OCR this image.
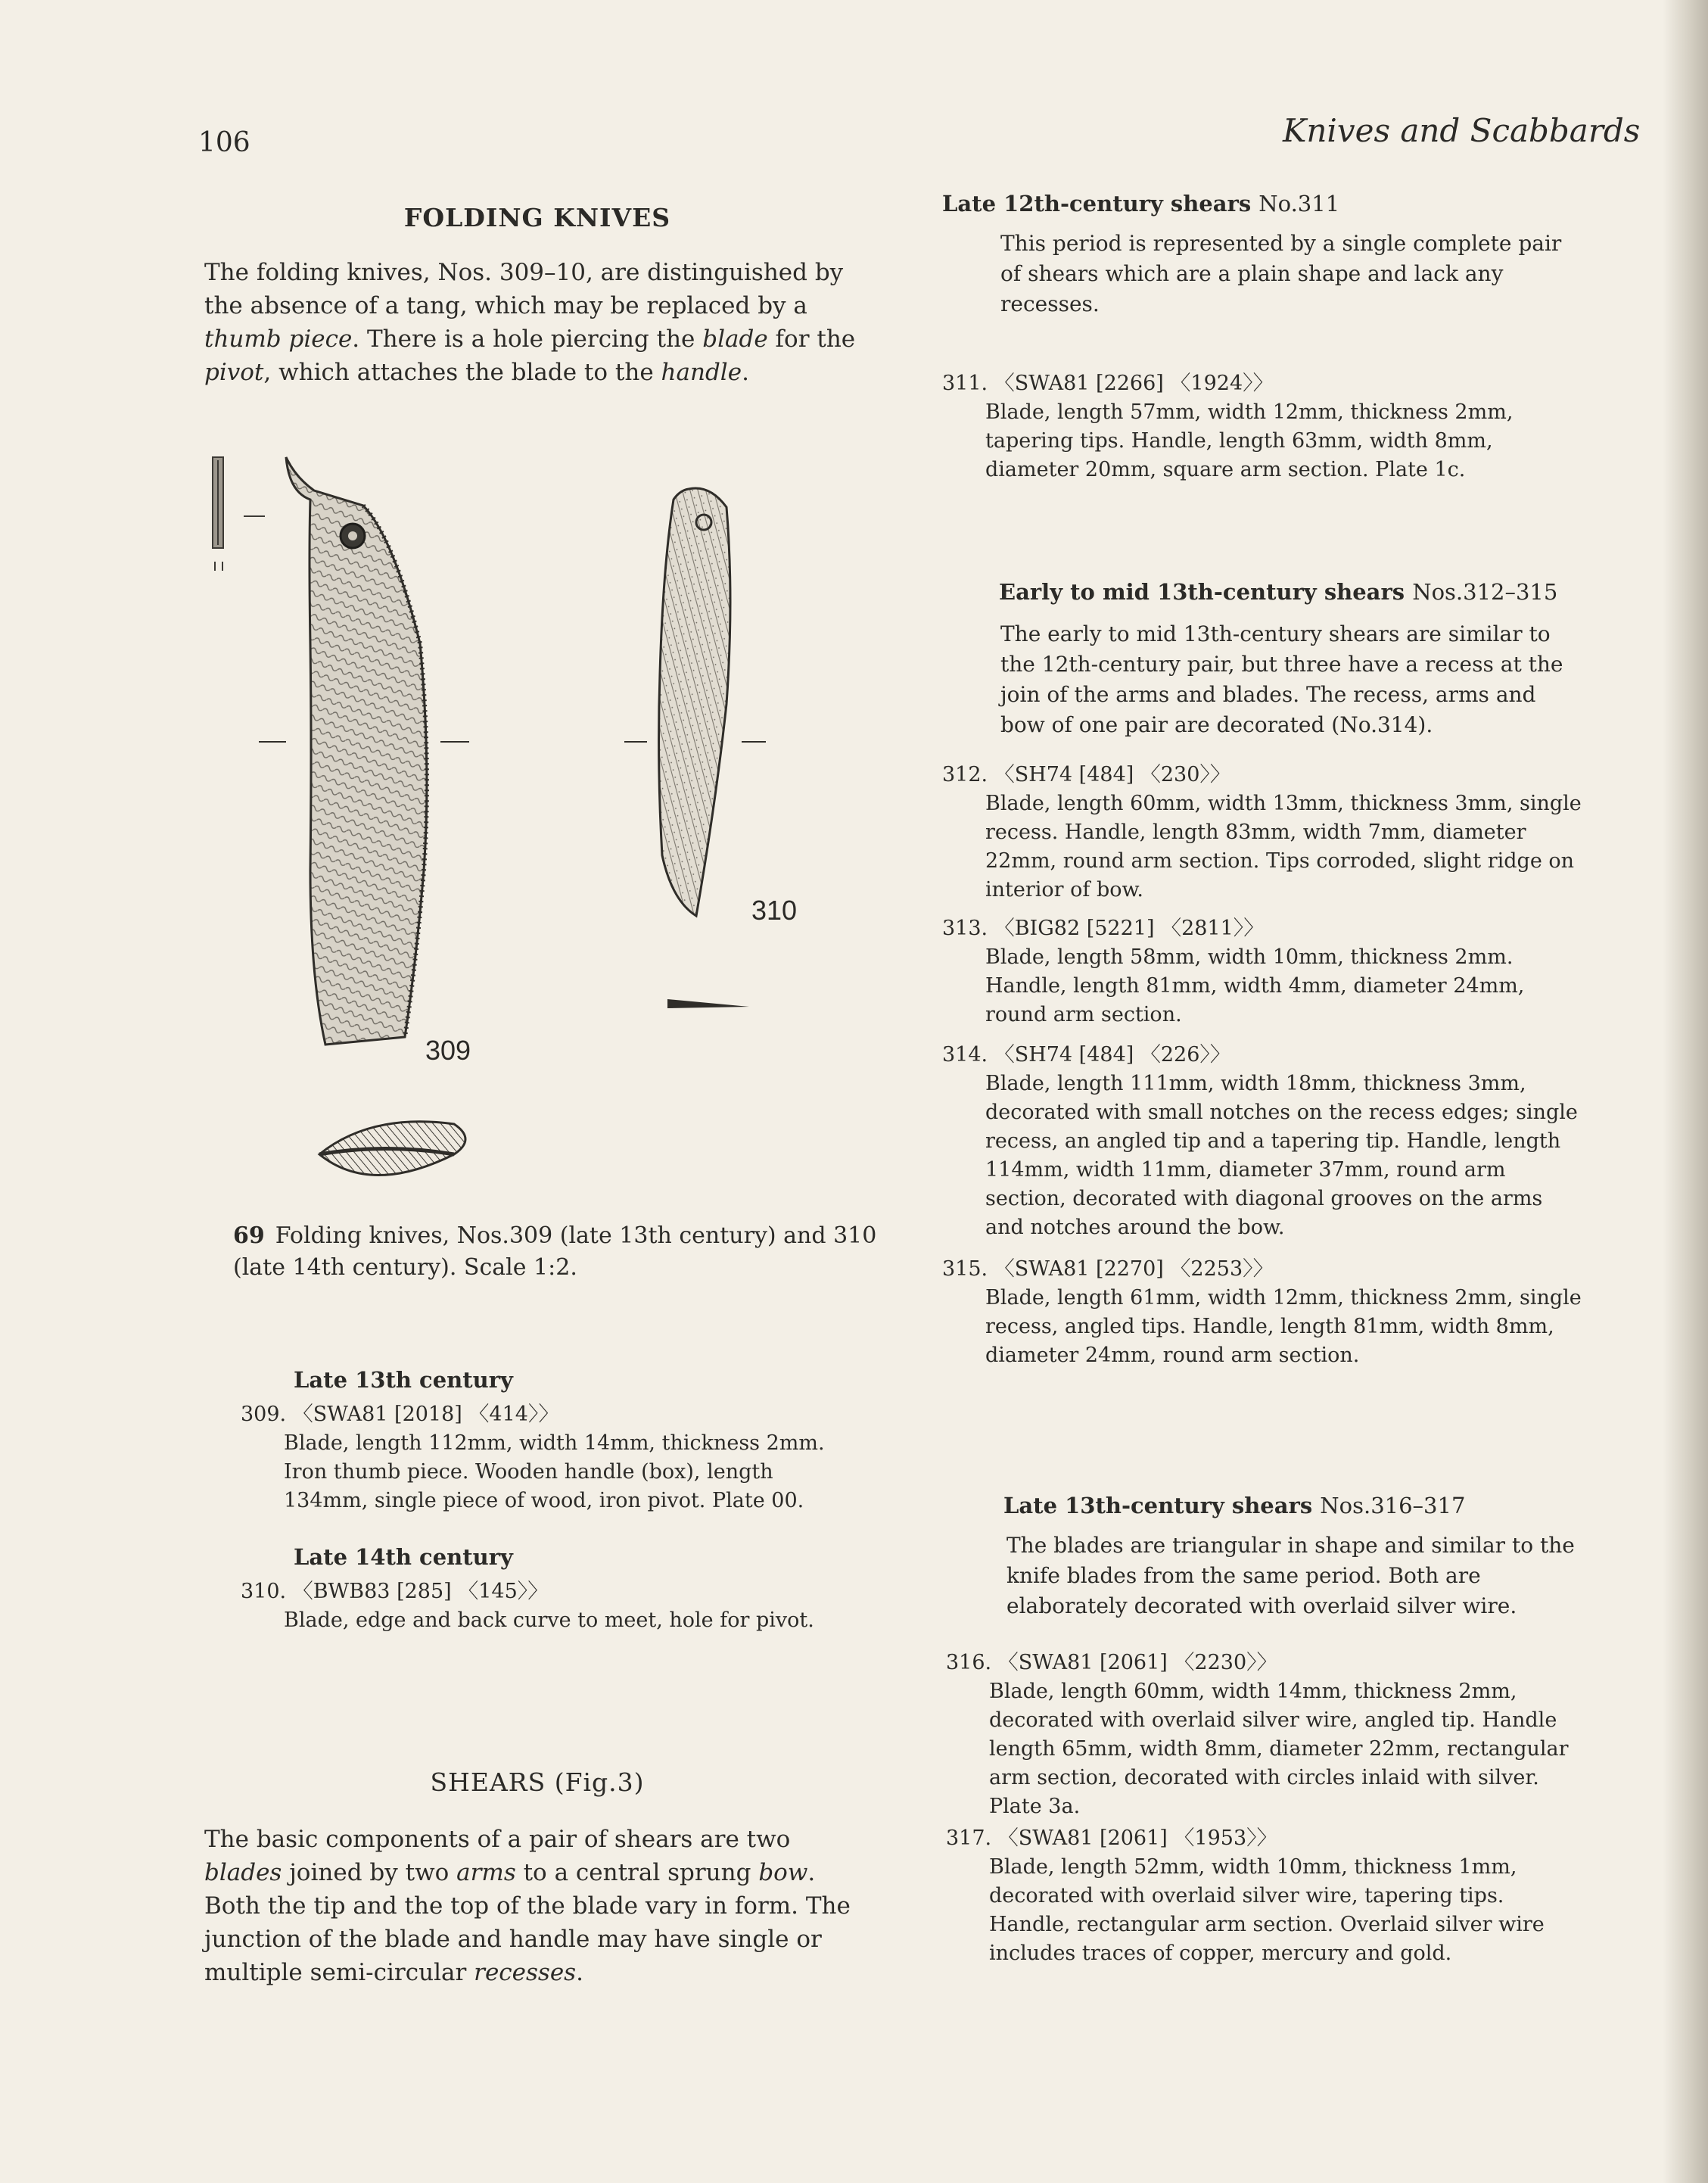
106	Knives and Scabbards
FOLDING KNIVES
The folding knives, Nos. 309–10, are distinguished by the absence of a tang, which may be replaced by a thumb piece. There is a hole piercing the blade for the pivot, which attaches the blade to the handle.
309
310
69 Folding knives, Nos.309 (late 13th century) and 310 (late 14th century). Scale 1:2.
Late 13th century
309. 〈SWA81 [2018] 〈414〉〉
Blade, length 112mm, width 14mm, thickness 2mm. Iron thumb piece. Wooden handle (box), length 134mm, single piece of wood, iron pivot. Plate 00.
Late 14th century
310. 〈BWB83 [285] 〈145〉〉
Blade, edge and back curve to meet, hole for pivot.
SHEARS (Fig.3)
The basic components of a pair of shears are two blades joined by two arms to a central sprung bow. Both the tip and the top of the blade vary in form. The junction of the blade and handle may have single or multiple semi-circular recesses.
Late 12th-century shears No.311
This period is represented by a single complete pair of shears which are a plain shape and lack any recesses.
311. 〈SWA81 [2266] 〈1924〉〉
Blade, length 57mm, width 12mm, thickness 2mm, tapering tips. Handle, length 63mm, width 8mm, diameter 20mm, square arm section. Plate 1c.
Early to mid 13th-century shears Nos.312–315
The early to mid 13th-century shears are similar to the 12th-century pair, but three have a recess at the join of the arms and blades. The recess, arms and bow of one pair are decorated (No.314).
312. 〈SH74 [484] 〈230〉〉
Blade, length 60mm, width 13mm, thickness 3mm, single recess. Handle, length 83mm, width 7mm, diameter 22mm, round arm section. Tips corroded, slight ridge on interior of bow.
313. 〈BIG82 [5221] 〈2811〉〉
Blade, length 58mm, width 10mm, thickness 2mm. Handle, length 81mm, width 4mm, diameter 24mm, round arm section.
314. 〈SH74 [484] 〈226〉〉
Blade, length 111mm, width 18mm, thickness 3mm, decorated with small notches on the recess edges; single recess, an angled tip and a tapering tip. Handle, length 114mm, width 11mm, diameter 37mm, round arm section, decorated with diagonal grooves on the arms and notches around the bow.
315. 〈SWA81 [2270] 〈2253〉〉
Blade, length 61mm, width 12mm, thickness 2mm, single recess, angled tips. Handle, length 81mm, width 8mm, diameter 24mm, round arm section.
Late 13th-century shears Nos.316–317
The blades are triangular in shape and similar to the knife blades from the same period. Both are elaborately decorated with overlaid silver wire.
316. 〈SWA81 [2061] 〈2230〉〉
Blade, length 60mm, width 14mm, thickness 2mm, decorated with overlaid silver wire, angled tip. Handle length 65mm, width 8mm, diameter 22mm, rectangular arm section, decorated with circles inlaid with silver. Plate 3a.
317. 〈SWA81 [2061] 〈1953〉〉
Blade, length 52mm, width 10mm, thickness 1mm, decorated with overlaid silver wire, tapering tips. Handle, rectangular arm section. Overlaid silver wire includes traces of copper, mercury and gold.
